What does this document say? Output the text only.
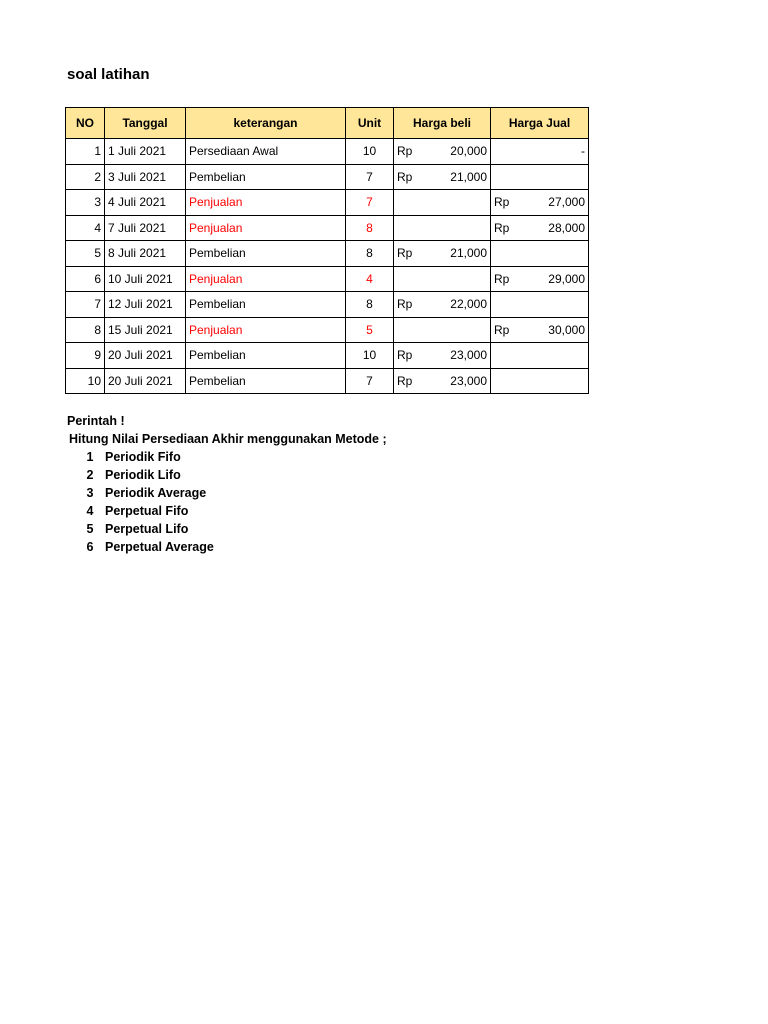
soal latihan
NO	Tanggal	keterangan	Unit	Harga beli	Harga Jual
1	1 Juli 2021	Persediaan Awal	10	Rp 20,000	-
2	3 Juli 2021	Pembelian	7	Rp 21,000	

3	4 Juli 2021	Penjualan	7		Rp 27,000

4	7 Juli 2021	Penjualan	8		Rp 28,000

5	8 Juli 2021	Pembelian	8	Rp 21,000	

6	10 Juli 2021	Penjualan	4		Rp 29,000

7	12 Juli 2021	Pembelian	8	Rp 22,000	

8	15 Juli 2021	Penjualan	5		Rp 30,000

9	20 Juli 2021	Pembelian	10	Rp 23,000	

10	20 Juli 2021	Pembelian	7	Rp 23,000	

Perintah !
Hitung Nilai Persediaan Akhir menggunakan Metode ;
1 Periodik Fifo
2 Periodik Lifo
3 Periodik Average
4 Perpetual Fifo
5 Perpetual Lifo
6 Perpetual Average
